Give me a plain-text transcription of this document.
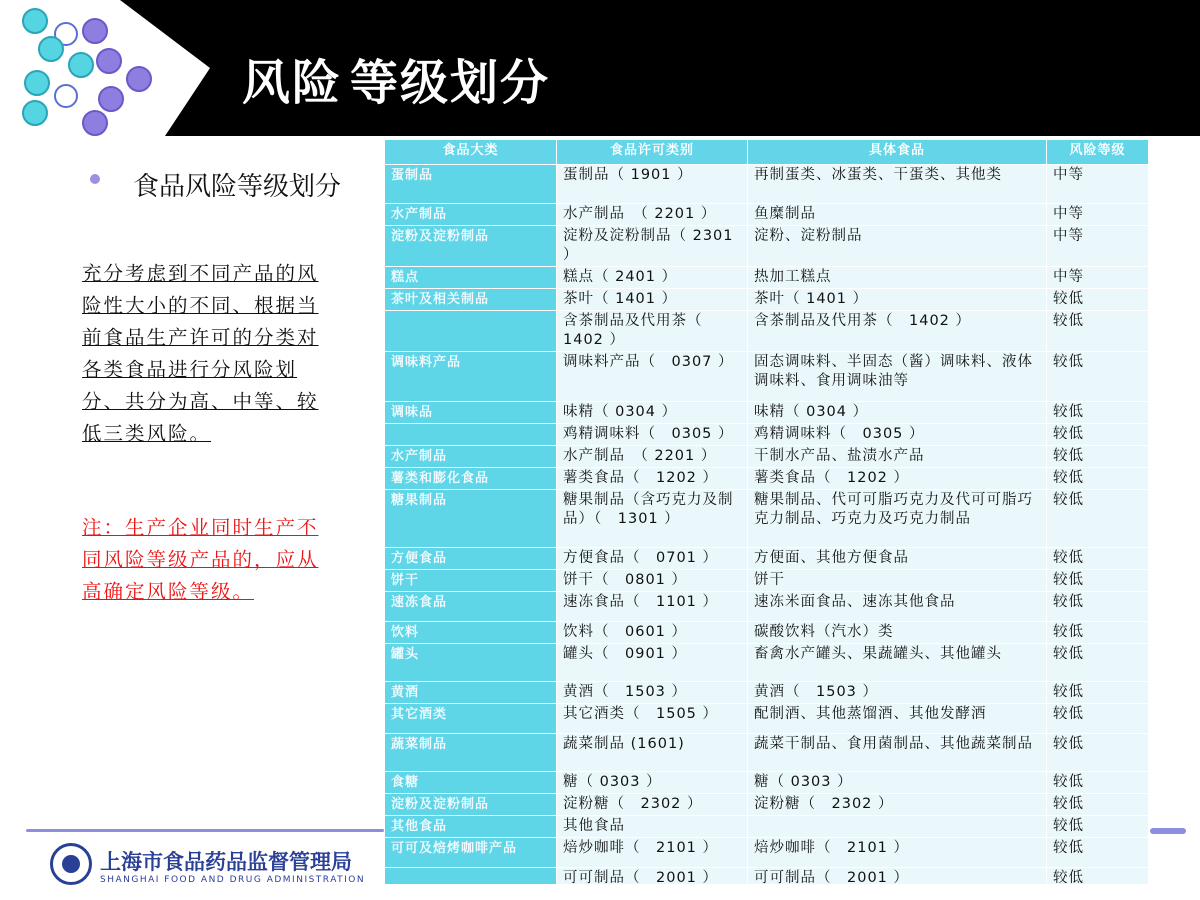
风险 等级划分
食品风险等级划分
充分考虑到不同产品的风险性大小的不同、根据当前食品生产许可的分类对各类食品进行分风险划分、共分为高、中等、较低三类风险。
注：生产企业同时生产不同风险等级产品的，应从高确定风险等级。
食品大类	食品许可类别	具体食品	风险等级
蛋制品	蛋制品（ 1901 ）	再制蛋类、冰蛋类、干蛋类、其他类	中等
水产制品	水产制品　（ 2201 ）	鱼糜制品	中等
淀粉及淀粉制品	淀粉及淀粉制品（ 2301 ）	淀粉、淀粉制品	中等
糕点	糕点（ 2401 ）	热加工糕点	中等
茶叶及相关制品	茶叶（ 1401 ）	茶叶（ 1401 ）	较低
	含茶制品及代用茶（ 1402 ）	含茶制品及代用茶（　1402 ）	较低
调味料产品	调味料产品（　0307 ）	固态调味料、半固态（酱）调味料、液体调味料、食用调味油等	较低
调味品	味精（ 0304 ）	味精（ 0304 ）	较低
	鸡精调味料（　0305 ）	鸡精调味料（　0305 ）	较低
水产制品	水产制品　（ 2201 ）	干制水产品、盐渍水产品	较低
薯类和膨化食品	薯类食品（　1202 ）	薯类食品（　1202 ）	较低
糖果制品	糖果制品（含巧克力及制品）（　1301 ）	糖果制品、代可可脂巧克力及代可可脂巧克力制品、巧克力及巧克力制品	较低
方便食品	方便食品（　0701 ）	方便面、其他方便食品	较低
饼干	饼干（　0801 ）	饼干	较低
速冻食品	速冻食品（　1101 ）	速冻米面食品、速冻其他食品	较低
饮料	饮料（　0601 ）	碳酸饮料（汽水）类	较低
罐头	罐头（　0901 ）	畜禽水产罐头、果蔬罐头、其他罐头	较低
黄酒	黄酒（　1503 ）	黄酒（　1503 ）	较低
其它酒类	其它酒类（　1505 ）	配制酒、其他蒸馏酒、其他发酵酒	较低
蔬菜制品	蔬菜制品 (1601)	蔬菜干制品、食用菌制品、其他蔬菜制品	较低
食糖	糖（ 0303 ）	糖（ 0303 ）	较低
淀粉及淀粉制品	淀粉糖（　2302 ）	淀粉糖（　2302 ）	较低
其他食品	其他食品		较低
可可及焙烤咖啡产品	焙炒咖啡（　2101 ）	焙炒咖啡（　2101 ）	较低
	可可制品（　2001 ）	可可制品（　2001 ）	较低
上海市食品药品监督管理局
SHANGHAI FOOD AND DRUG ADMINISTRATION
